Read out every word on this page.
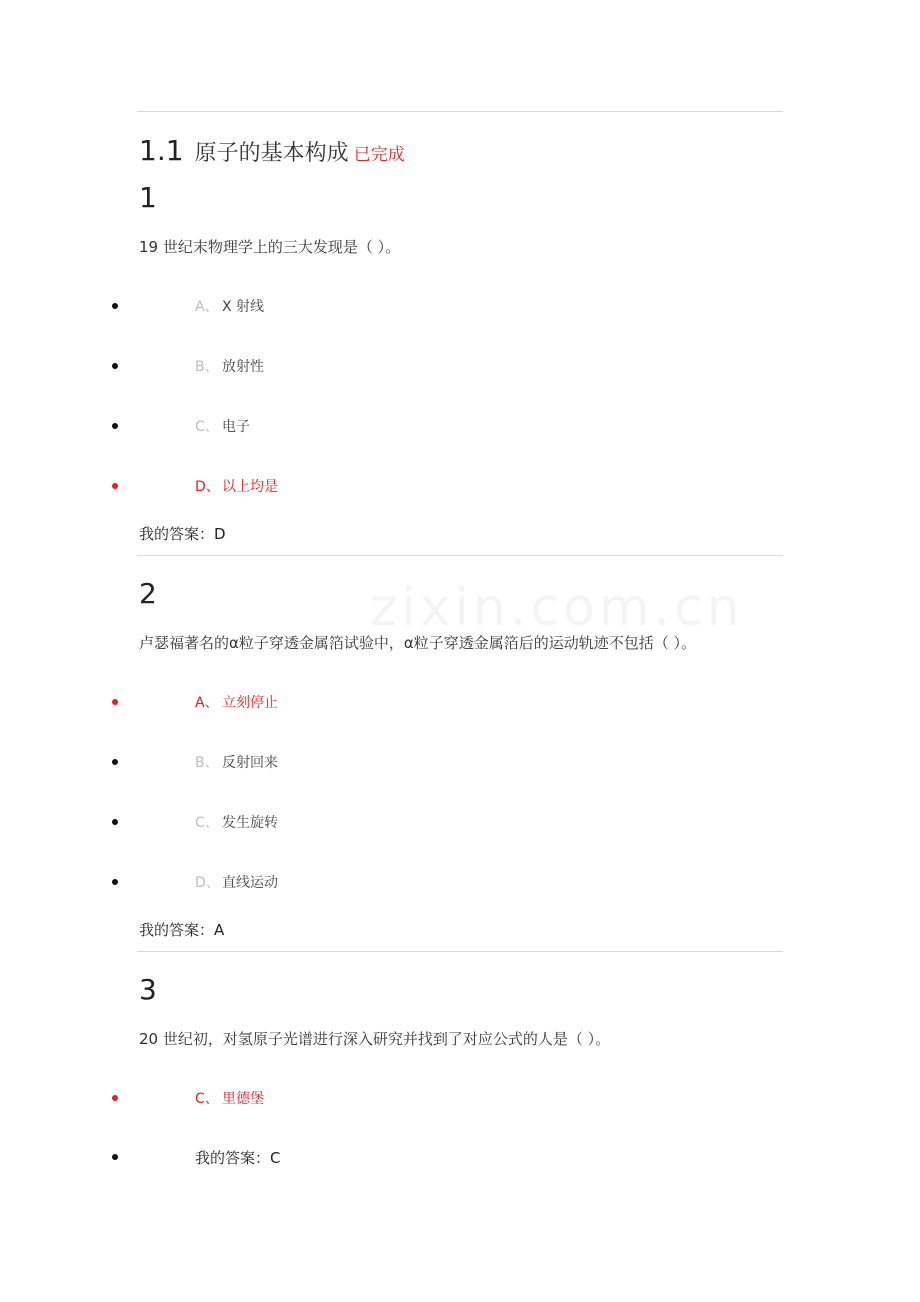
1.1 原子的基本构成 已完成
1
19 世纪末物理学上的三大发现是（ ）。
A、 X 射线
B、 放射性
C、 电子
D、 以上均是
我的答案：D
2
卢瑟福著名的α粒子穿透金属箔试验中，α粒子穿透金属箔后的运动轨迹不包括（ ）。
A、 立刻停止
B、 反射回来
C、 发生旋转
D、 直线运动
我的答案：A
3
20 世纪初，对氢原子光谱进行深入研究并找到了对应公式的人是（ ）。
C、 里德堡
我的答案：C
